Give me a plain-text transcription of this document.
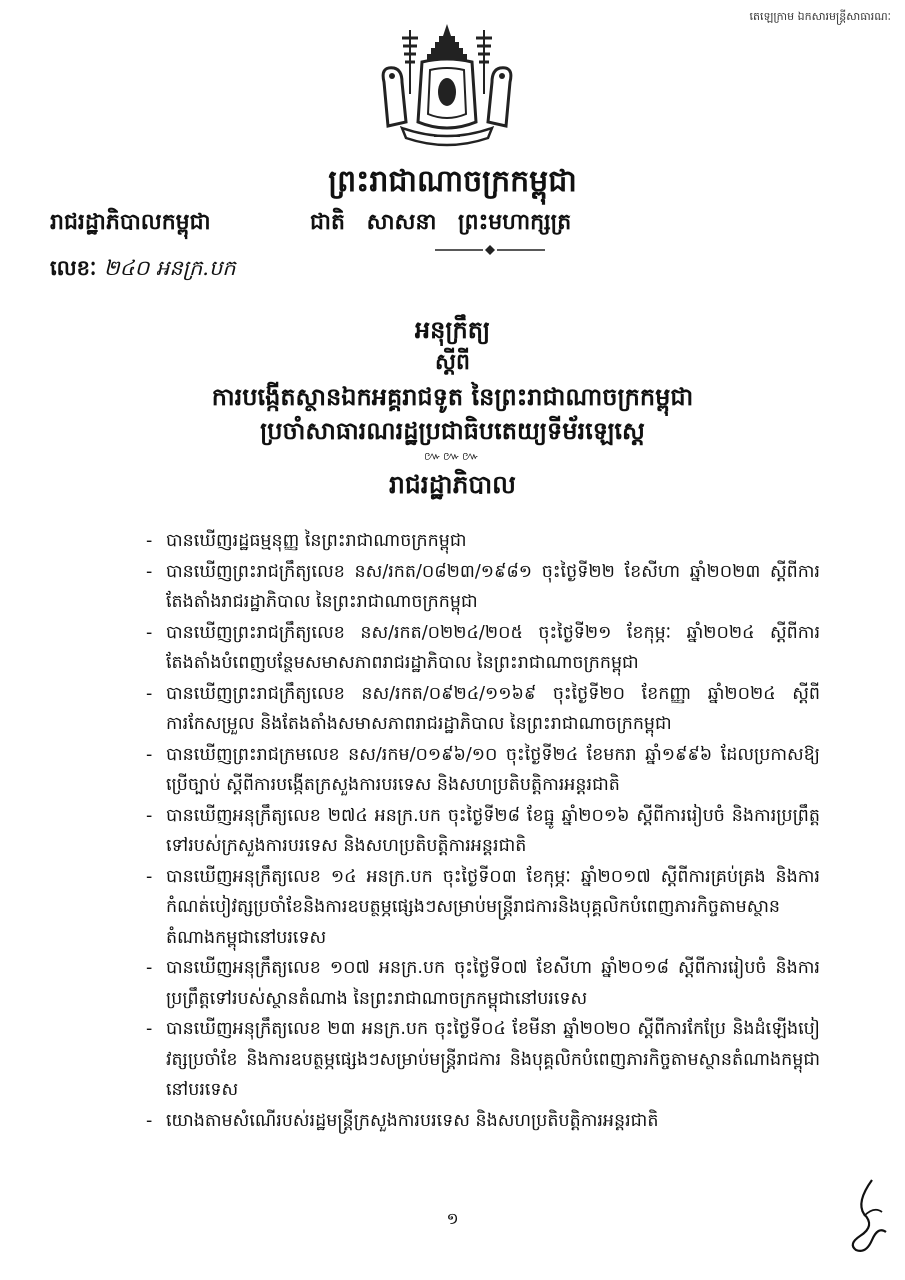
តេឡេក្រាម ឯកសារមន្ត្រីសាធារណៈ
ព្រះរាជាណាចក្រកម្ពុជា
រាជរដ្ឋាភិបាលកម្ពុជា	ជាតិ សាសនា ព្រះមហាក្សត្រ
លេខៈ ២៤០ អនក្រ.បក
អនុក្រឹត្យ
ស្តីពី
ការបង្កើតស្ថានឯកអគ្គរាជទូត នៃព្រះរាជាណាចក្រកម្ពុជា
ប្រចាំសាធារណរដ្ឋប្រជាធិបតេយ្យទីម័រឡេស្តេ
៚៚៚
រាជរដ្ឋាភិបាល
- បានឃើញរដ្ឋធម្មនុញ្ញ នៃព្រះរាជាណាចក្រកម្ពុជា
- បានឃើញព្រះរាជក្រឹត្យលេខ នស/រកត/០៨២៣/១៩៨១ ចុះថ្ងៃទី២២ ខែសីហា ឆ្នាំ២០២៣ ស្តីពីការតែងតាំងរាជរដ្ឋាភិបាល នៃព្រះរាជាណាចក្រកម្ពុជា
- បានឃើញព្រះរាជក្រឹត្យលេខ នស/រកត/០២២៤/២០៥ ចុះថ្ងៃទី២១ ខែកុម្ភៈ ឆ្នាំ២០២៤ ស្តីពីការតែងតាំងបំពេញបន្ថែមសមាសភាពរាជរដ្ឋាភិបាល នៃព្រះរាជាណាចក្រកម្ពុជា
- បានឃើញព្រះរាជក្រឹត្យលេខ នស/រកត/០៩២៤/១១៦៩ ចុះថ្ងៃទី២០ ខែកញ្ញា ឆ្នាំ២០២៤ ស្តីពីការកែសម្រួល និងតែងតាំងសមាសភាពរាជរដ្ឋាភិបាល នៃព្រះរាជាណាចក្រកម្ពុជា
- បានឃើញព្រះរាជក្រមលេខ នស/រកម/០១៩៦/១០ ចុះថ្ងៃទី២៤ ខែមករា ឆ្នាំ១៩៩៦ ដែលប្រកាសឱ្យប្រើច្បាប់ ស្តីពីការបង្កើតក្រសួងការបរទេស និងសហប្រតិបត្តិការអន្តរជាតិ
- បានឃើញអនុក្រឹត្យលេខ ២៧៤ អនក្រ.បក ចុះថ្ងៃទី២៨ ខែធ្នូ ឆ្នាំ២០១៦ ស្តីពីការរៀបចំ និងការប្រព្រឹត្តទៅរបស់ក្រសួងការបរទេស និងសហប្រតិបត្តិការអន្តរជាតិ
- បានឃើញអនុក្រឹត្យលេខ ១៤ អនក្រ.បក ចុះថ្ងៃទី០៣ ខែកុម្ភៈ ឆ្នាំ២០១៧ ស្តីពីការគ្រប់គ្រង និងការកំណត់បៀវត្សប្រចាំខែនិងការឧបត្ថម្ភផ្សេងៗសម្រាប់មន្ត្រីរាជការនិងបុគ្គលិកបំពេញភារកិច្ចតាមស្ថានតំណាងកម្ពុជានៅបរទេស
- បានឃើញអនុក្រឹត្យលេខ ១០៧ អនក្រ.បក ចុះថ្ងៃទី០៧ ខែសីហា ឆ្នាំ២០១៨ ស្តីពីការរៀបចំ និងការប្រព្រឹត្តទៅរបស់ស្ថានតំណាង នៃព្រះរាជាណាចក្រកម្ពុជានៅបរទេស
- បានឃើញអនុក្រឹត្យលេខ ២៣ អនក្រ.បក ចុះថ្ងៃទី០៤ ខែមីនា ឆ្នាំ២០២០ ស្តីពីការកែប្រែ និងដំឡើងបៀវត្សប្រចាំខែ និងការឧបត្ថម្ភផ្សេងៗសម្រាប់មន្ត្រីរាជការ និងបុគ្គលិកបំពេញភារកិច្ចតាមស្ថានតំណាងកម្ពុជានៅបរទេស
- យោងតាមសំណើរបស់រដ្ឋមន្ត្រីក្រសួងការបរទេស និងសហប្រតិបត្តិការអន្តរជាតិ
១
